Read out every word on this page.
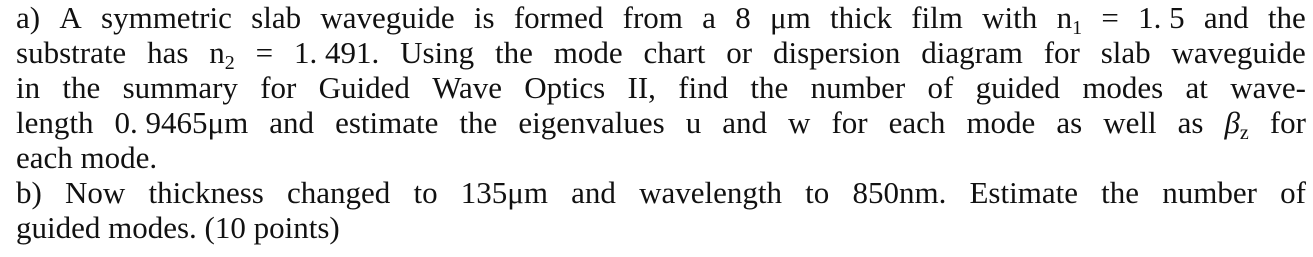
a) A symmetric slab waveguide is formed from a 8 μm thick film with $n_1 = 1$. 5 and the
substrate has $n_2 = 1$. 491. Using the mode chart or dispersion diagram for slab waveguide
in the summary for Guided Wave Optics II, find the number of guided modes at wave-
length 0. 9465μm and estimate the eigenvalues u and w for each mode as well as $\beta_z$ for
each mode.
b) Now thickness changed to 135μm and wavelength to 850nm. Estimate the number of
guided modes. (10 points)
